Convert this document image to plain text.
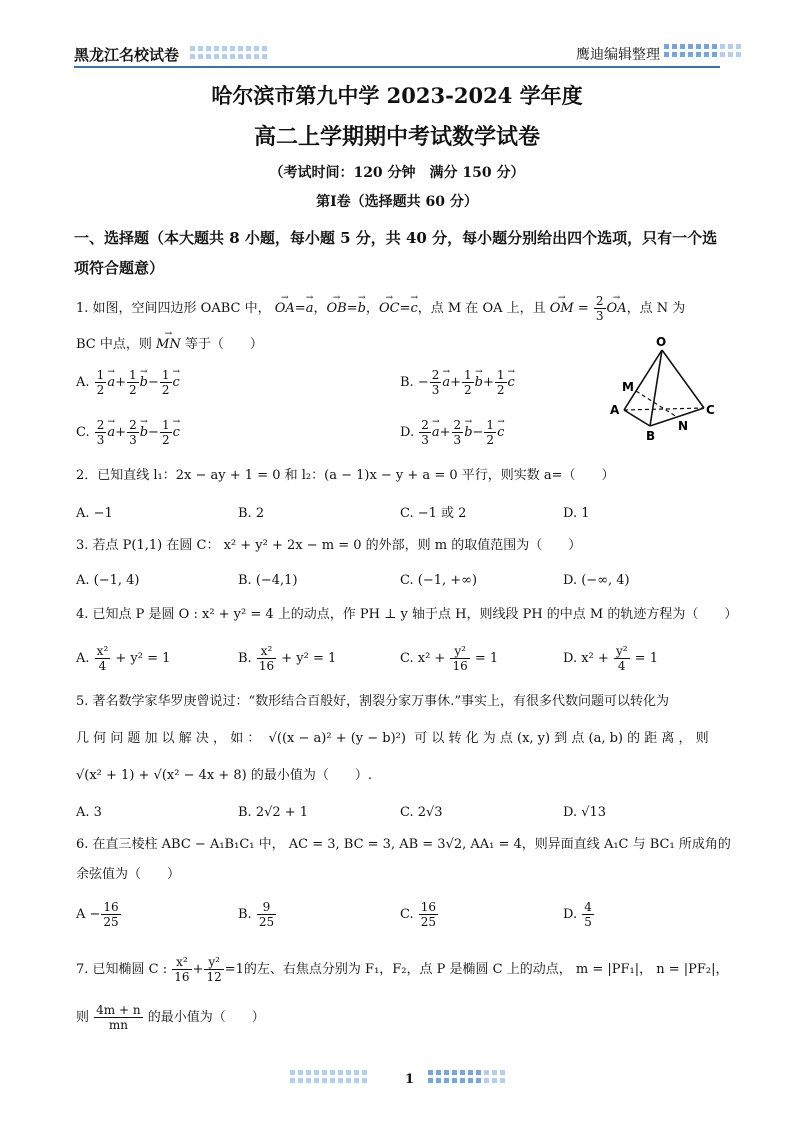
黑龙江名校试卷	鹰迪编辑整理
哈尔滨市第九中学 2023-2024 学年度
高二上学期期中考试数学试卷
（考试时间：120 分钟　满分 150 分）
第Ⅰ卷（选择题共 60 分）
一、选择题（本大题共 8 小题，每小题 5 分，共 40 分，每小题分别给出四个选项，只有一个选项符合题意）
1. 如图，空间四边形 OABC 中， → OA=→ a，→ OB=→ b，→ OC=→ c，点 M 在 OA 上，且 → OM = $\frac{2}{3}$
→ OA，点 N 为
BC 中点，则 → MN 等于（　　）
A. $\frac{1}{2}$
→ $a+ \frac{1}{2}$
→ $b- \frac{1}{2}$
→ c	B. − $\frac{2}{3}$
→ $a+ \frac{1}{2}$
→ $b+ \frac{1}{2}$
→ c
C. $\frac{2}{3}$
→ $a+ \frac{2}{3}$
→ $b- \frac{1}{2}$
→ c	D. $\frac{2}{3}$
→ $a+ \frac{2}{3}$
→ $b- \frac{1}{2}$
→ c
O
M
A	C
B
N
2．已知直线 l₁：2x − ay + 1 = 0 和 l₂：(a − 1)x − y + a = 0 平行，则实数 a=（　　）
A. −1	B. 2	C. −1 或 2	D. 1
3. 若点 P(1,1) 在圆 C： x² + y² + 2x − m = 0 的外部，则 m 的取值范围为（　　）
A. (−1, 4)	B. (−4,1)	C. (−1, +∞)	D. (−∞, 4)
4. 已知点 P 是圆 O : x² + y² = 4 上的动点，作 PH ⊥ y 轴于点 H，则线段 PH 的中点 M 的轨迹方程为（　　）
A. $\frac{\text{x²}}{4} + y^2 = 1$	B. $\frac{\text{x²}}{16} + y^2 = 1$	C. $x^2 + \frac{\text{y²}}{16} = 1$	D. $x^2 + \frac{\text{y²}}{4} = 1$
5. 著名数学家华罗庚曾说过：“数形结合百般好，割裂分家万事休.”事实上，有很多代数问题可以转化为
几 何 问 题 加 以 解 决 ， 如 ：  √((x − a)² + (y − b)²)  可 以 转 化 为 点 (x, y) 到 点 (a, b) 的 距 离 ， 则
√(x² + 1) + √(x² − 4x + 8) 的最小值为（　　）.
A. 3	B. 2√2 + 1	C. 2√3	D. √13
6. 在直三棱柱 ABC − A₁B₁C₁ 中， AC = 3, BC = 3, AB = 3√2, AA₁ = 4，则异面直线 A₁C 与 BC₁ 所成角的
余弦值为（　　）
$A - \frac{16}{25}$	B. $\frac{9}{25}$	C. $\frac{16}{25}$	D. $\frac{4}{5}$
7. 已知椭圆 C : $\frac{\text{x²}}{16} + \frac{\text{y²}}{12} =1$的左、右焦点分别为 F₁，F₂，点 P 是椭圆 C 上的动点， m = |PF₁|， n = |PF₂|，
则 $\frac{4m + n}{mn}$ 的最小值为（　　）
1
